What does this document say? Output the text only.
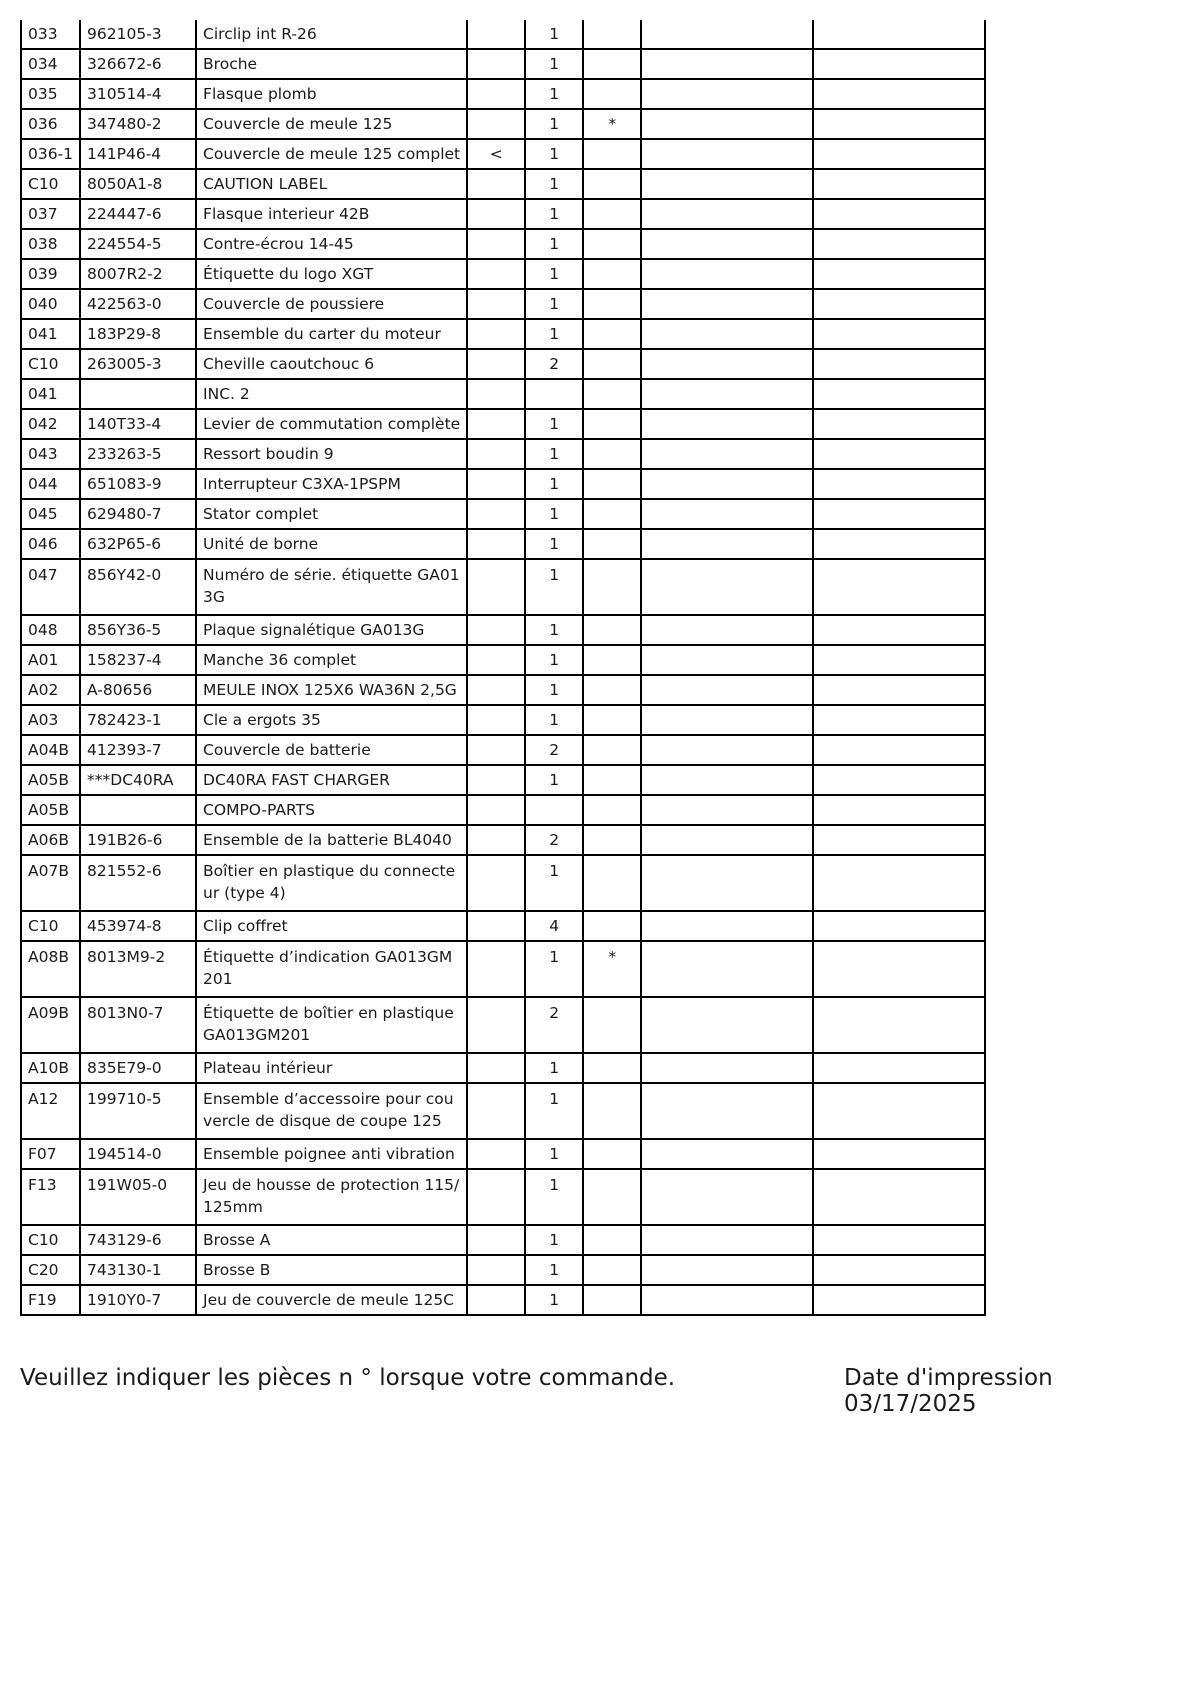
033	962105-3	Circlip int R-26		1			
034	326672-6	Broche		1			
035	310514-4	Flasque plomb		1			
036	347480-2	Couvercle de meule 125		1	*		
036-1	141P46-4	Couvercle de meule 125 complet	<	1			
C10	8050A1-8	CAUTION LABEL		1			
037	224447-6	Flasque interieur 42B		1			
038	224554-5	Contre-écrou 14-45		1			
039	8007R2-2	Étiquette du logo XGT		1			
040	422563-0	Couvercle de poussiere		1			
041	183P29-8	Ensemble du carter du moteur		1			
C10	263005-3	Cheville caoutchouc 6		2			
041		INC. 2					
042	140T33-4	Levier de commutation complète		1			
043	233263-5	Ressort boudin 9		1			
044	651083-9	Interrupteur C3XA-1PSPM		1			
045	629480-7	Stator complet		1			
046	632P65-6	Unité de borne		1			
047	856Y42-0	Numéro de série. étiquette GA013G		1			
048	856Y36-5	Plaque signalétique GA013G		1			
A01	158237-4	Manche 36 complet		1			
A02	A-80656	MEULE INOX 125X6 WA36N 2,5G		1			
A03	782423-1	Cle a ergots 35		1			
A04B	412393-7	Couvercle de batterie		2			
A05B	***DC40RA	DC40RA FAST CHARGER		1			
A05B		COMPO-PARTS					
A06B	191B26-6	Ensemble de la batterie BL4040		2			
A07B	821552-6	Boîtier en plastique du connecteur (type 4)		1			
C10	453974-8	Clip coffret		4			
A08B	8013M9-2	Étiquette d’indication GA013GM201		1	*		
A09B	8013N0-7	Étiquette de boîtier en plastique GA013GM201		2			
A10B	835E79-0	Plateau intérieur		1			
A12	199710-5	Ensemble d’accessoire pour couvercle de disque de coupe 125		1			
F07	194514-0	Ensemble poignee anti vibration		1			
F13	191W05-0	Jeu de housse de protection 115/125mm		1			
C10	743129-6	Brosse A		1			
C20	743130-1	Brosse B		1			
F19	1910Y0-7	Jeu de couvercle de meule 125C		1			
Veuillez indiquer les pièces n ° lorsque votre commande.	Date d'impression 03/17/2025
